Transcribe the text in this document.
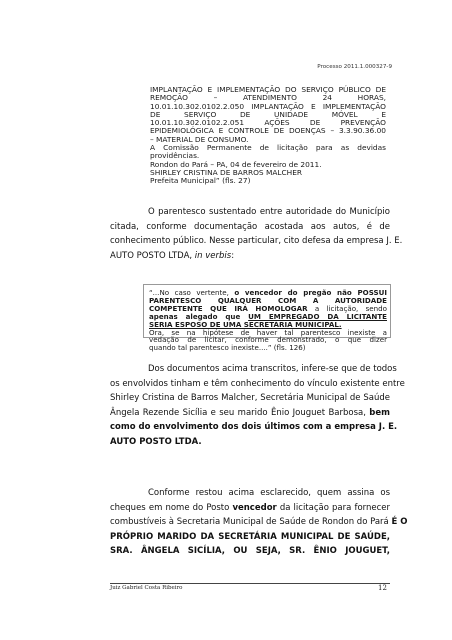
Processo 2011.1.000327-9
IMPLANTAÇÃO E IMPLEMENTAÇÃO DO SERVIÇO PÚBLICO DE
REMOÇÃO – ATENDIMENTO 24 HORAS,
10.01.10.302.0102.2.050 IMPLANTAÇÃO E IMPLEMENTAÇÃO
DE SERVIÇO DE UNIDADE MÓVEL E
10.01.10.302.0102.2.051 AÇÕES DE PREVENÇÃO
EPIDEMIOLÓGICA E CONTROLE DE DOENÇAS – 3.3.90.36.00
– MATERIAL DE CONSUMO.
A Comissão Permanente de licitação para as devidas
providências.
Rondon do Pará – PA, 04 de fevereiro de 2011.
SHIRLEY CRISTINA DE BARROS MALCHER
Prefeita Municipal” (fls. 27)
O parentesco sustentado entre autoridade do Município
citada, conforme documentação acostada aos autos, é de
conhecimento público. Nesse particular, cito defesa da empresa J. E.
AUTO POSTO LTDA, in verbis:
“...No caso vertente, o vencedor do pregão não POSSUI
PARENTESCO QUALQUER COM A AUTORIDADE
COMPETENTE QUE IRÁ HOMOLOGAR a licitação, sendo
apenas alegado que UM EMPREGADO DA LICITANTE
SERIA ESPOSO DE UMA SECRETÁRIA MUNICIPAL.
Ora, se na hipótese de haver tal parentesco inexiste a
vedação de licitar, conforme demonstrado, o que dizer
quando tal parentesco inexiste....” (fls. 126)
Dos documentos acima transcritos, infere-se que de todos
os envolvidos tinham e têm conhecimento do vínculo existente entre
Shirley Cristina de Barros Malcher, Secretária Municipal de Saúde
Ângela Rezende Sicília e seu marido Ênio Jouguet Barbosa, bem
como do envolvimento dos dois últimos com a empresa J. E.
AUTO POSTO LTDA.
Conforme restou acima esclarecido, quem assina os
cheques em nome do Posto vencedor da licitação para fornecer
combustíveis à Secretaria Municipal de Saúde de Rondon do Pará É O
PRÓPRIO MARIDO DA SECRETÁRIA MUNICIPAL DE SAÚDE,
SRA. ÂNGELA SICÍLIA, OU SEJA, SR. ÊNIO JOUGUET,
Juiz Gabriel Costa Ribeiro	12
